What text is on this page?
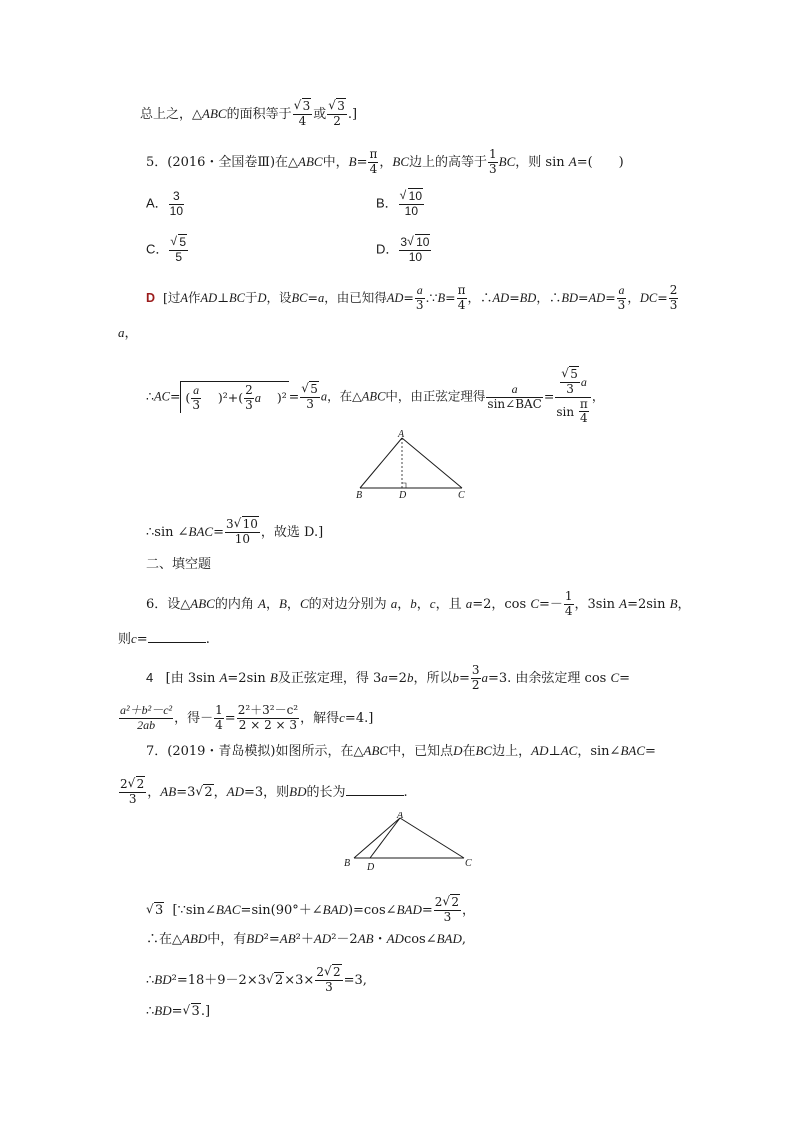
总上之，△ABC的面积等于 √ $\frac{3}{4}$ 或 √ $\frac{3}{2}$ .]
5．(2016・全国卷Ⅲ)在△ABC中，$B= \frac{\pi}{4}$ ，BC边上的高等于 $\frac{1}{3}$ BC，则 sin A=(　　)
A． $\frac{3}{10}$	B． √ $\frac{10}{10}$
C． √ $\frac{5}{5}$	D． $\frac{3 √ 10}{10}$
D [过A作AD⊥BC于D，设BC=a，由已知得$AD= \frac{a}{3}$ .∵B= $\frac{\pi}{4}$ ，∴AD=BD，∴BD=AD= $\frac{a}{3}$ ，$DC= \frac{2}{3}$
a，
∴AC= ( $\frac{a}{3} )^2+( \frac{2}{3}$ a )² = √ $\frac{5}{3}$ a，在△ABC中，由正弦定理得 $\frac{a}{\text{sin∠BAC}}$ = √ $\frac{\frac{5}{3} a}{\sin \frac{\pi}{4}}$ ，
A
B	D	C
∴sin ∠BAC= $\frac{3 √ 10}{10}$ ，故选 D.]
二、填空题
6．设△ABC的内角 A，B，C的对边分别为 a，b，c，且 a=2，$\cos C=- \frac{1}{4}$ ，3sin A=2sin B，
则c=	.
4 [由 3sin A=2sin B及正弦定理，得 3a=2b，所以$b= \frac{3}{2} a=3$. 由余弦定理 cos C=
$\frac{\text{a²＋b²－c²}}{2ab}$ ，得－ $\frac{1}{4} = \frac{\text{2²＋3²－c²}}{2 \times 2 \times 3}$ ，解得c=4.]
7．(2019・青岛模拟)如图所示，在△ABC中，已知点D在BC边上，AD⊥AC，sin∠BAC=
$\frac{2 √ 2}{3}$ ，AB=3 √ 2，AD=3，则BD的长为	.
A
B D	C
√ 3 [∵sin∠BAC=sin(90°＋∠BAD)=cos∠BAD= $\frac{2 √ 2}{3}$ ，
∴在△ABD中，有BD²=AB²＋AD²－2AB・ADcos∠BAD,
∴BD²=18＋9－2×3 √ $2\times 3\times \frac{2 √ 2}{3} =3$,
∴BD= √ 3.]
